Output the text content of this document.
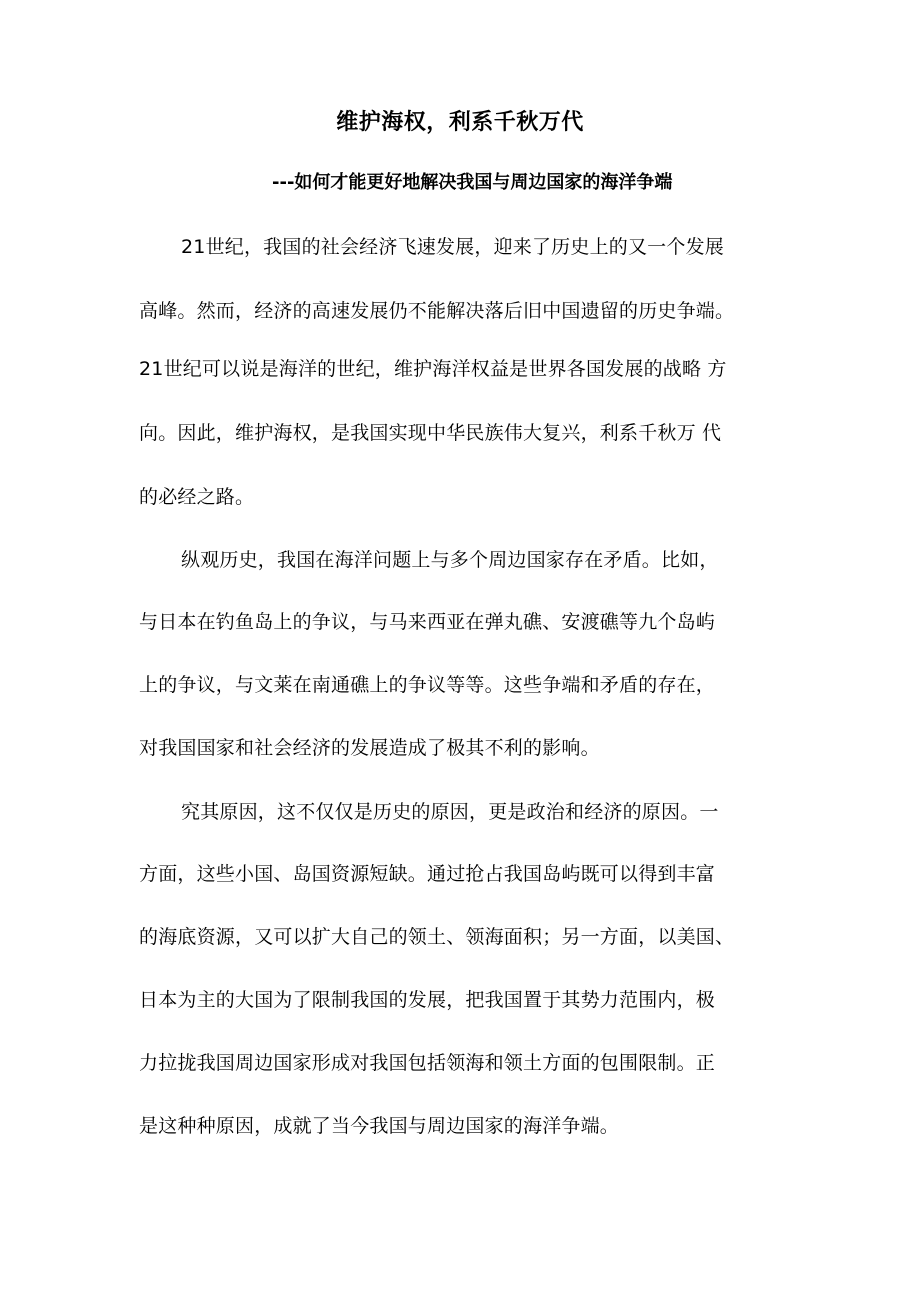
维护海权，利系千秋万代
---如何才能更好地解决我国与周边国家的海洋争端
21世纪，我国的社会经济飞速发展，迎来了历史上的又一个发展
高峰。然而，经济的高速发展仍不能解决落后旧中国遗留的历史争端。
21世纪可以说是海洋的世纪，维护海洋权益是世界各国发展的战略 方
向。因此，维护海权，是我国实现中华民族伟大复兴，利系千秋万 代
的必经之路。
纵观历史，我国在海洋问题上与多个周边国家存在矛盾。比如，
与日本在钓鱼岛上的争议，与马来西亚在弹丸礁、安渡礁等九个岛屿
上的争议，与文莱在南通礁上的争议等等。这些争端和矛盾的存在，
对我国国家和社会经济的发展造成了极其不利的影响。
究其原因，这不仅仅是历史的原因，更是政治和经济的原因。一
方面，这些小国、岛国资源短缺。通过抢占我国岛屿既可以得到丰富
的海底资源，又可以扩大自己的领土、领海面积；另一方面，以美国、
日本为主的大国为了限制我国的发展，把我国置于其势力范围内，极
力拉拢我国周边国家形成对我国包括领海和领土方面的包围限制。正
是这种种原因，成就了当今我国与周边国家的海洋争端。
